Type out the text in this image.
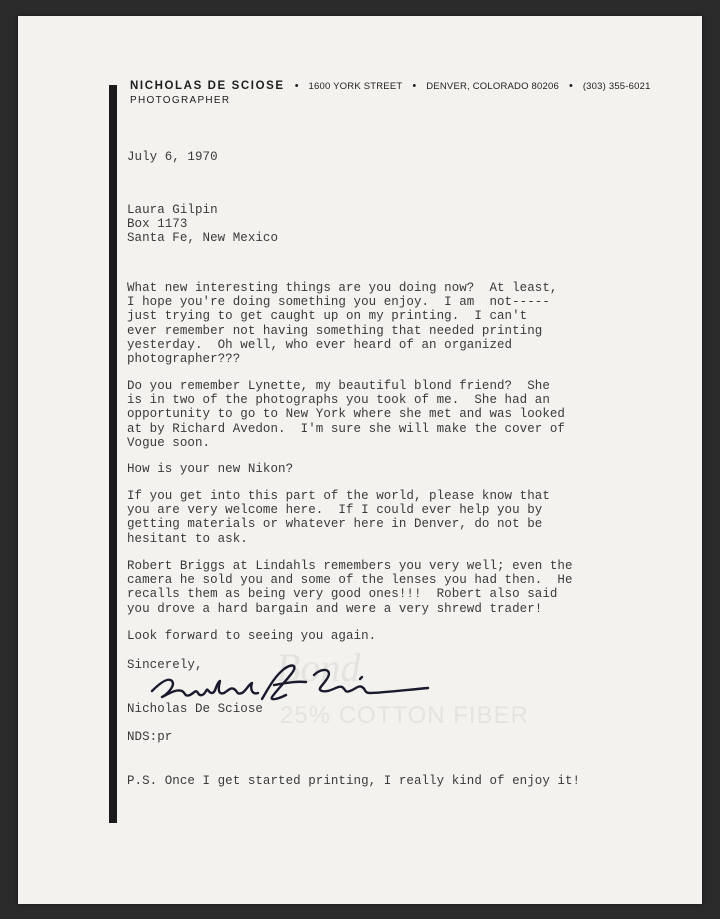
Bond
25% COTTON FIBER
NICHOLAS DE SCIOSE • 1600 YORK STREET • DENVER, COLORADO 80206 • (303) 355-6021
PHOTOGRAPHER
July 6, 1970
Laura Gilpin
Box 1173
Santa Fe, New Mexico
What new interesting things are you doing now?  At least,
I hope you're doing something you enjoy.  I am  not-----
just trying to get caught up on my printing.  I can't
ever remember not having something that needed printing
yesterday.  Oh well, who ever heard of an organized
photographer???
Do you remember Lynette, my beautiful blond friend?  She
is in two of the photographs you took of me.  She had an
opportunity to go to New York where she met and was looked
at by Richard Avedon.  I'm sure she will make the cover of
Vogue soon.
How is your new Nikon?
If you get into this part of the world, please know that
you are very welcome here.  If I could ever help you by
getting materials or whatever here in Denver, do not be
hesitant to ask.
Robert Briggs at Lindahls remembers you very well; even the
camera he sold you and some of the lenses you had then.  He
recalls them as being very good ones!!!  Robert also said
you drove a hard bargain and were a very shrewd trader!
Look forward to seeing you again.
Sincerely,
Nicholas De Sciose
NDS:pr
P.S. Once I get started printing, I really kind of enjoy it!
